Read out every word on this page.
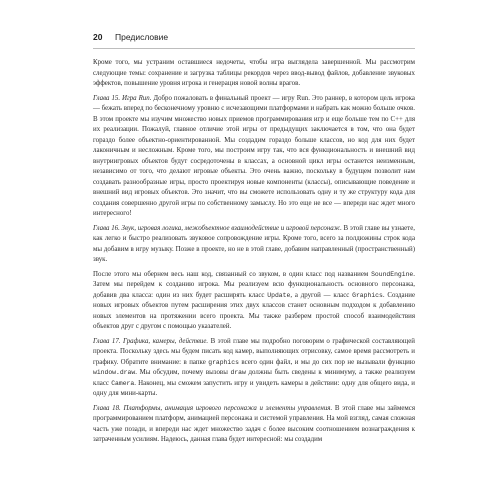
20	Предисловие

Кроме того, мы устраним оставшиеся недочеты, чтобы игра выглядела завершенной. Мы рассмотрим следующие темы: сохранение и загрузка таблицы рекордов через ввод-вывод файлов, добавление звуковых эффектов, повышение уровня игрока и генерация новой волны врагов.

Глава 15. Игра Run. Добро пожаловать в финальный проект — игру Run. Это раннер, в котором цель игрока — бежать вперед по бесконечному уровню с исчезающими платформами и набрать как можно больше очков. В этом проекте мы изучим множество новых приемов программирования игр и еще больше тем по C++ для их реализации. Пожалуй, главное отличие этой игры от предыдущих заключается в том, что она будет гораздо более объектно-ориентированной. Мы создадим гораздо больше классов, но код для них будет лаконичным и несложным. Кроме того, мы построим игру так, что вся функциональность и внешний вид внутриигровых объектов будут сосредоточены в классах, а основной цикл игры останется неизменным, независимо от того, что делают игровые объекты. Это очень важно, поскольку в будущем позволит нам создавать разнообразные игры, просто проектируя новые компоненты (классы), описывающие поведение и внешний вид игровых объектов. Это значит, что вы сможете использовать одну и ту же структуру кода для создания совершенно другой игры по собственному замыслу. Но это еще не все — впереди нас ждет много интересного!

Глава 16. Звук, игровая логика, межобъектное взаимодействие и игровой персонаж. В этой главе вы узнаете, как легко и быстро реализовать звуковое сопровождение игры. Кроме того, всего за полдюжины строк кода мы добавим в игру музыку. Позже в проекте, но не в этой главе, добавим направленный (пространственный) звук.

После этого мы обернем весь наш код, связанный со звуком, в один класс под названием SoundEngine. Затем мы перейдем к созданию игрока. Мы реализуем всю функциональность основного персонажа, добавив два класса: один из них будет расширять класс Update, а другой — класс Graphics. Создание новых игровых объектов путем расширения этих двух классов станет основным подходом к добавлению новых элементов на протяжении всего проекта. Мы также разберем простой способ взаимодействия объектов друг с другом с помощью указателей.

Глава 17. Графика, камеры, действие. В этой главе мы подробно поговорим о графической составляющей проекта. Поскольку здесь мы будем писать код камер, выполняющих отрисовку, самое время рассмотреть и графику. Обратите внимание: в папке graphics всего один файл, и мы до сих пор не вызывали функцию window.draw. Мы обсудим, почему вызовы draw должны быть сведены к минимуму, а также реализуем класс Camera. Наконец, мы сможем запустить игру и увидеть камеры в действии: одну для общего вида, и одну для мини-карты.

Глава 18. Платформы, анимация игрового персонажа и элементы управления. В этой главе мы займемся программированием платформ, анимацией персонажа и системой управления. На мой взгляд, самая сложная часть уже позади, и впереди нас ждет множество задач с более высоким соотношением вознаграждения к затраченным усилиям. Надеюсь, данная глава будет интересной: мы создадим
